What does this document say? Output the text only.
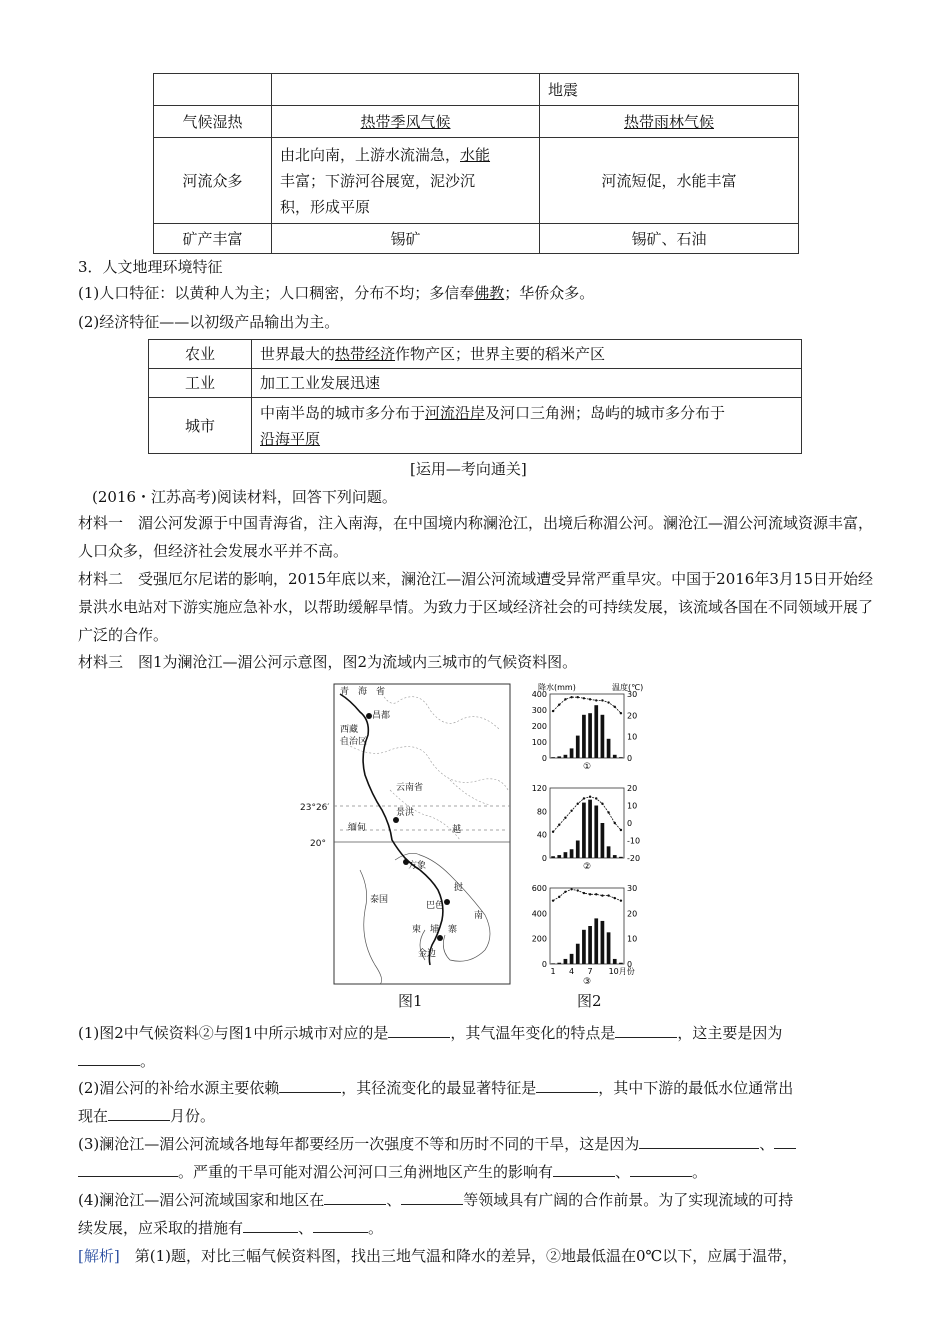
		地震
气候湿热	热带季风气候	热带雨林气候
河流众多	由北向南，上游水流湍急，水能
丰富；下游河谷展宽，泥沙沉
积，形成平原	河流短促，水能丰富
矿产丰富	锡矿	锡矿、石油
3．人文地理环境特征
(1)人口特征：以黄种人为主；人口稠密，分布不均；多信奉佛教；华侨众多。
(2)经济特征——以初级产品输出为主。
农业	世界最大的热带经济作物产区；世界主要的稻米产区
工业	加工工业发展迅速
城市	中南半岛的城市多分布于河流沿岸及河口三角洲；岛屿的城市多分布于
沿海平原
[运用—考向通关]
(2016・江苏高考)阅读材料，回答下列问题。
材料一　湄公河发源于中国青海省，注入南海，在中国境内称澜沧江，出境后称湄公河。澜沧江—湄公河流域资源丰富，人口众多，但经济社会发展水平并不高。
材料二　受强厄尔尼诺的影响，2015年底以来，澜沧江—湄公河流域遭受异常严重旱灾。中国于2016年3月15日开始经景洪水电站对下游实施应急补水，以帮助缓解旱情。为致力于区域经济社会的可持续发展，该流域各国在不同领域开展了广泛的合作。
材料三　图1为澜沧江—湄公河示意图，图2为流域内三城市的气候资料图。
青　海　省
昌都
西藏
自治区
云南省
23°26′
20°
缅甸
景洪
越
方象
挝
泰国
巴色
南
柬　埔　寨
金边
降水(mm)	温度(℃)
400
300
200
100
0
30
20
10
0
①
120
80
40
0
20
10
0
-10
-20
②
600
400
200
0
30
20
10
0
1 4 7 10月份
③
图1	图2
(1)图2中气候资料②与图1中所示城市对应的是	，其气温年变化的特点是	，这主要是因为
。
(2)湄公河的补给水源主要依赖	，其径流变化的最显著特征是	，其中下游的最低水位通常出
现在	月份。
(3)澜沧江—湄公河流域各地每年都要经历一次强度不等和历时不同的干旱，这是因为	、
。严重的干旱可能对湄公河河口三角洲地区产生的影响有	、	。
(4)澜沧江—湄公河流域国家和地区在	、	等领域具有广阔的合作前景。为了实现流域的可持
续发展，应采取的措施有	、	。
[解析]　第(1)题，对比三幅气候资料图，找出三地气温和降水的差异，②地最低温在0℃以下，应属于温带，
